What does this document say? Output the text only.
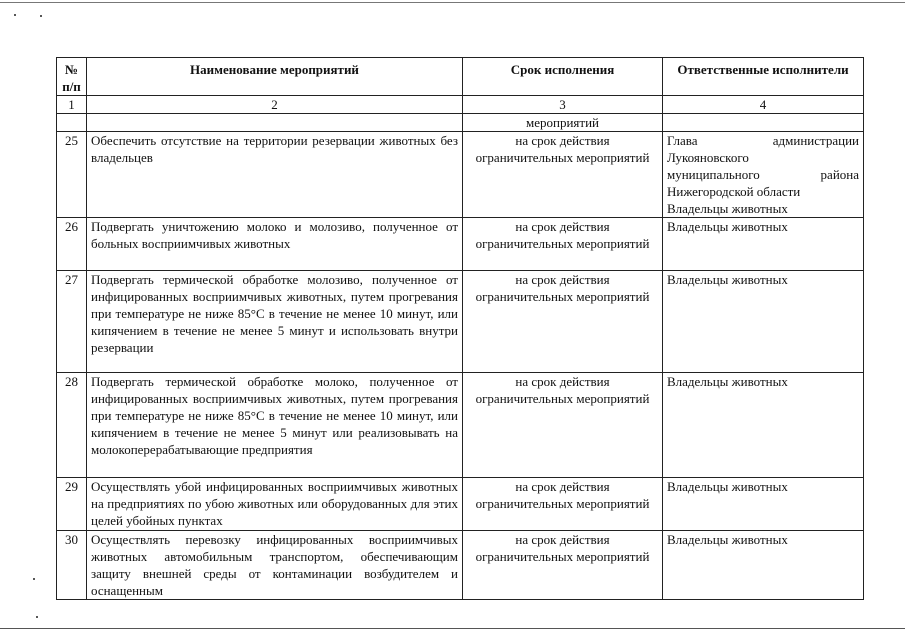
№ п/п	Наименование мероприятий	Срок исполнения	Ответственные исполнители
1	2	3	4
		мероприятий	
25	Обеспечить отсутствие на территории резервации животных без владельцев	на срок действия ограничительных мероприятий	Глава администрации
Лукояновского
муниципального района
Нижегородской области
Владельцы животных

26	Подвергать уничтожению молоко и молозиво, полученное от больных восприимчивых животных	на срок действия ограничительных мероприятий	Владельцы животных

27	Подвергать термической обработке молозиво, полученное от инфицированных восприимчивых животных, путем прогревания при температуре не ниже 85°С в течение не менее 10 минут, или кипячением в течение не менее 5 минут и использовать внутри резервации	на срок действия ограничительных мероприятий	Владельцы животных

28	Подвергать термической обработке молоко, полученное от инфицированных восприимчивых животных, путем прогревания при температуре не ниже 85°С в течение не менее 10 минут, или кипячением в течение не менее 5 минут или реализовывать на молокоперерабатывающие предприятия	на срок действия ограничительных мероприятий	Владельцы животных

29	Осуществлять убой инфицированных восприимчивых животных на предприятиях по убою животных или оборудованных для этих целей убойных пунктах	на срок действия ограничительных мероприятий	Владельцы животных

30	Осуществлять перевозку инфицированных восприимчивых животных автомобильным транспортом, обеспечивающим защиту внешней среды от контаминации возбудителем и оснащенным	на срок действия ограничительных мероприятий	Владельцы животных
